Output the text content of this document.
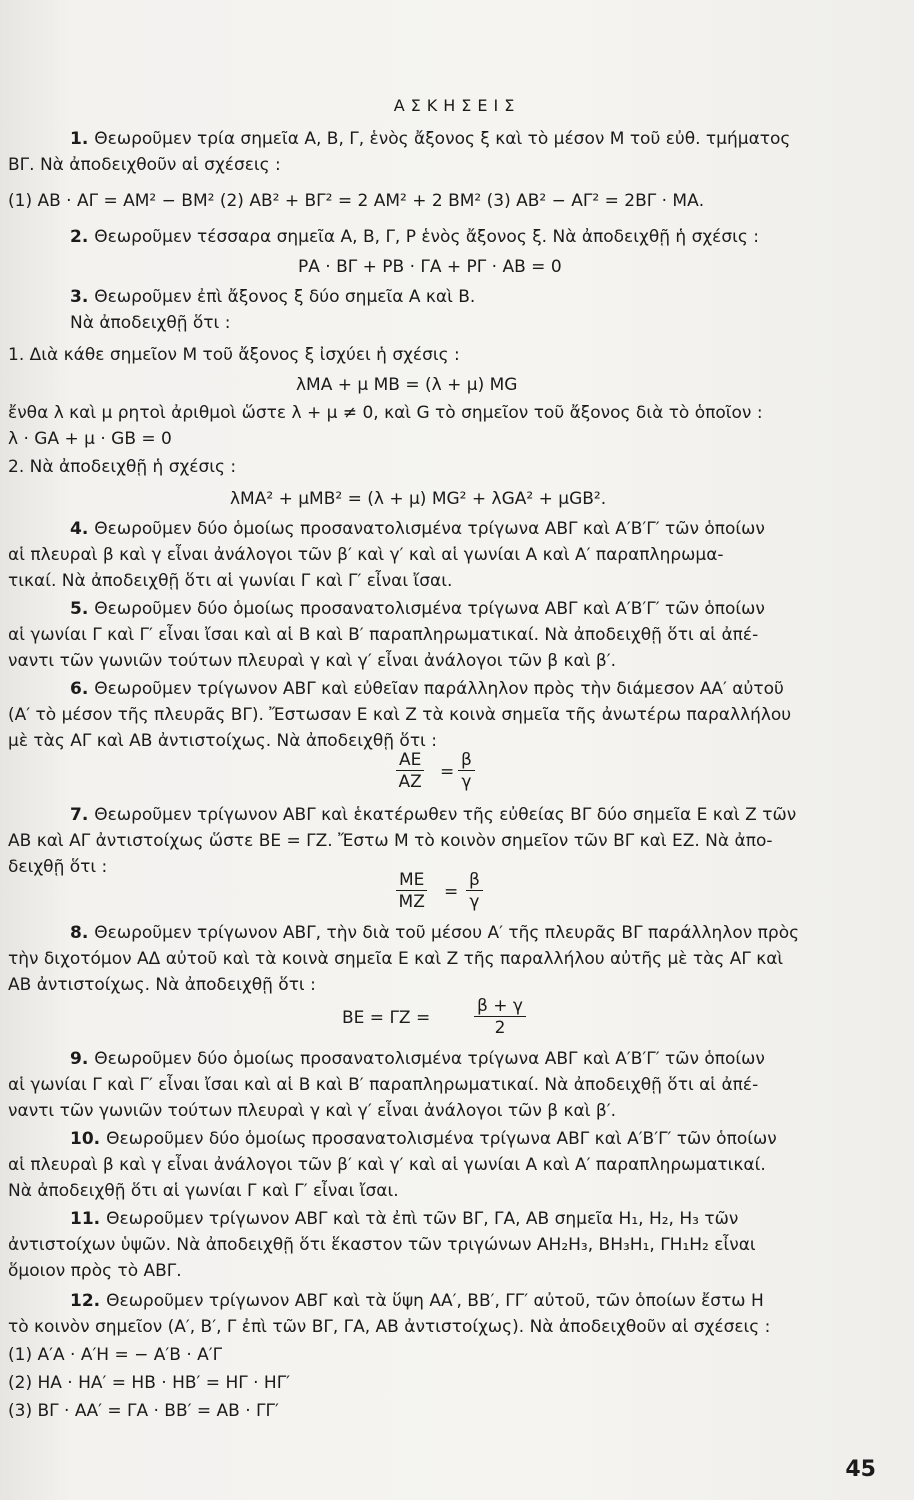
ΑΣΚΗΣΕΙΣ
1. Θεωροῦμεν τρία σημεῖα Α, Β, Γ, ἑνὸς ἄξονος ξ καὶ τὸ μέσον Μ τοῦ εὐθ. τμήματος
ΒΓ. Νὰ ἀποδειχθοῦν αἱ σχέσεις :
(1) ΑΒ · ΑΓ = ΑΜ² − ΒΜ² (2) ΑΒ² + ΒΓ² = 2 ΑΜ² + 2 ΒΜ² (3) ΑΒ² − ΑΓ² = 2ΒΓ · ΜΑ.
2. Θεωροῦμεν τέσσαρα σημεῖα Α, Β, Γ, Ρ ἑνὸς ἄξονος ξ. Νὰ ἀποδειχθῇ ἡ σχέσις :
ΡΑ · ΒΓ + ΡΒ · ΓΑ + ΡΓ · ΑΒ = 0
3. Θεωροῦμεν ἐπὶ ἄξονος ξ δύο σημεῖα Α καὶ Β.
Νὰ ἀποδειχθῇ ὅτι :
1. Διὰ κάθε σημεῖον Μ τοῦ ἄξονος ξ ἰσχύει ἡ σχέσις :
λΜΑ + μ ΜΒ = (λ + μ) ΜG
ἔνθα λ καὶ μ ρητοὶ ἀριθμοὶ ὥστε λ + μ ≠ 0, καὶ G τὸ σημεῖον τοῦ ἄξονος διὰ τὸ ὁποῖον :
λ · GA + μ · GB = 0
2. Νὰ ἀποδειχθῇ ἡ σχέσις :
λΜΑ² + μΜΒ² = (λ + μ) ΜG² + λGA² + μGB².
4. Θεωροῦμεν δύο ὁμοίως προσανατολισμένα τρίγωνα ΑΒΓ καὶ Α′Β′Γ′ τῶν ὁποίων
αἱ πλευραὶ β καὶ γ εἶναι ἀνάλογοι τῶν β′ καὶ γ′ καὶ αἱ γωνίαι Α καὶ Α′ παραπληρωμα-
τικαί. Νὰ ἀποδειχθῇ ὅτι αἱ γωνίαι Γ καὶ Γ′ εἶναι ἴσαι.
5. Θεωροῦμεν δύο ὁμοίως προσανατολισμένα τρίγωνα ΑΒΓ καὶ Α′Β′Γ′ τῶν ὁποίων
αἱ γωνίαι Γ καὶ Γ′ εἶναι ἴσαι καὶ αἱ Β καὶ Β′ παραπληρωματικαί. Νὰ ἀποδειχθῇ ὅτι αἱ ἀπέ-
ναντι τῶν γωνιῶν τούτων πλευραὶ γ καὶ γ′ εἶναι ἀνάλογοι τῶν β καὶ β′.
6. Θεωροῦμεν τρίγωνον ΑΒΓ καὶ εὐθεῖαν παράλληλον πρὸς τὴν διάμεσον ΑΑ′ αὐτοῦ
(Α′ τὸ μέσον τῆς πλευρᾶς ΒΓ). Ἔστωσαν Ε καὶ Ζ τὰ κοινὰ σημεῖα τῆς ἀνωτέρω παραλλήλου
μὲ τὰς ΑΓ καὶ ΑΒ ἀντιστοίχως. Νὰ ἀποδειχθῇ ὅτι :
$\frac{AE}{AZ} = \frac{\beta}{\gamma}$
7. Θεωροῦμεν τρίγωνον ΑΒΓ καὶ ἑκατέρωθεν τῆς εὐθείας ΒΓ δύο σημεῖα Ε καὶ Ζ τῶν
ΑΒ καὶ ΑΓ ἀντιστοίχως ὥστε ΒΕ = ΓΖ. Ἔστω Μ τὸ κοινὸν σημεῖον τῶν ΒΓ καὶ ΕΖ. Νὰ ἀπο-
δειχθῇ ὅτι :
$\frac{ME}{MZ} = \frac{\beta}{\gamma}$
8. Θεωροῦμεν τρίγωνον ΑΒΓ, τὴν διὰ τοῦ μέσου Α′ τῆς πλευρᾶς ΒΓ παράλληλον πρὸς
τὴν διχοτόμον ΑΔ αὐτοῦ καὶ τὰ κοινὰ σημεῖα Ε καὶ Ζ τῆς παραλλήλου αὐτῆς μὲ τὰς ΑΓ καὶ
ΑΒ ἀντιστοίχως. Νὰ ἀποδειχθῇ ὅτι :
ΒΕ = ΓΖ =	$\frac{\beta + \gamma}{2}$
9. Θεωροῦμεν δύο ὁμοίως προσανατολισμένα τρίγωνα ΑΒΓ καὶ Α′Β′Γ′ τῶν ὁποίων
αἱ γωνίαι Γ καὶ Γ′ εἶναι ἴσαι καὶ αἱ Β καὶ Β′ παραπληρωματικαί. Νὰ ἀποδειχθῇ ὅτι αἱ ἀπέ-
ναντι τῶν γωνιῶν τούτων πλευραὶ γ καὶ γ′ εἶναι ἀνάλογοι τῶν β καὶ β′.
10. Θεωροῦμεν δύο ὁμοίως προσανατολισμένα τρίγωνα ΑΒΓ καὶ Α′Β′Γ′ τῶν ὁποίων
αἱ πλευραὶ β καὶ γ εἶναι ἀνάλογοι τῶν β′ καὶ γ′ καὶ αἱ γωνίαι Α καὶ Α′ παραπληρωματικαί.
Νὰ ἀποδειχθῇ ὅτι αἱ γωνίαι Γ καὶ Γ′ εἶναι ἴσαι.
11. Θεωροῦμεν τρίγωνον ΑΒΓ καὶ τὰ ἐπὶ τῶν ΒΓ, ΓΑ, ΑΒ σημεῖα Η₁, Η₂, Η₃ τῶν
ἀντιστοίχων ὑψῶν. Νὰ ἀποδειχθῇ ὅτι ἕκαστον τῶν τριγώνων ΑΗ₂Η₃, ΒΗ₃Η₁, ΓΗ₁Η₂ εἶναι
ὅμοιον πρὸς τὸ ΑΒΓ.
12. Θεωροῦμεν τρίγωνον ΑΒΓ καὶ τὰ ὕψη ΑΑ′, ΒΒ′, ΓΓ′ αὐτοῦ, τῶν ὁποίων ἔστω Η
τὸ κοινὸν σημεῖον (Α′, Β′, Γ ἐπὶ τῶν ΒΓ, ΓΑ, ΑΒ ἀντιστοίχως). Νὰ ἀποδειχθοῦν αἱ σχέσεις :
(1) Α′Α · Α′Η = − Α′Β · Α′Γ
(2) ΗΑ · ΗΑ′ = ΗΒ · ΗΒ′ = ΗΓ · ΗΓ′
(3) ΒΓ · ΑΑ′ = ΓΑ · ΒΒ′ = ΑΒ · ΓΓ′
45
